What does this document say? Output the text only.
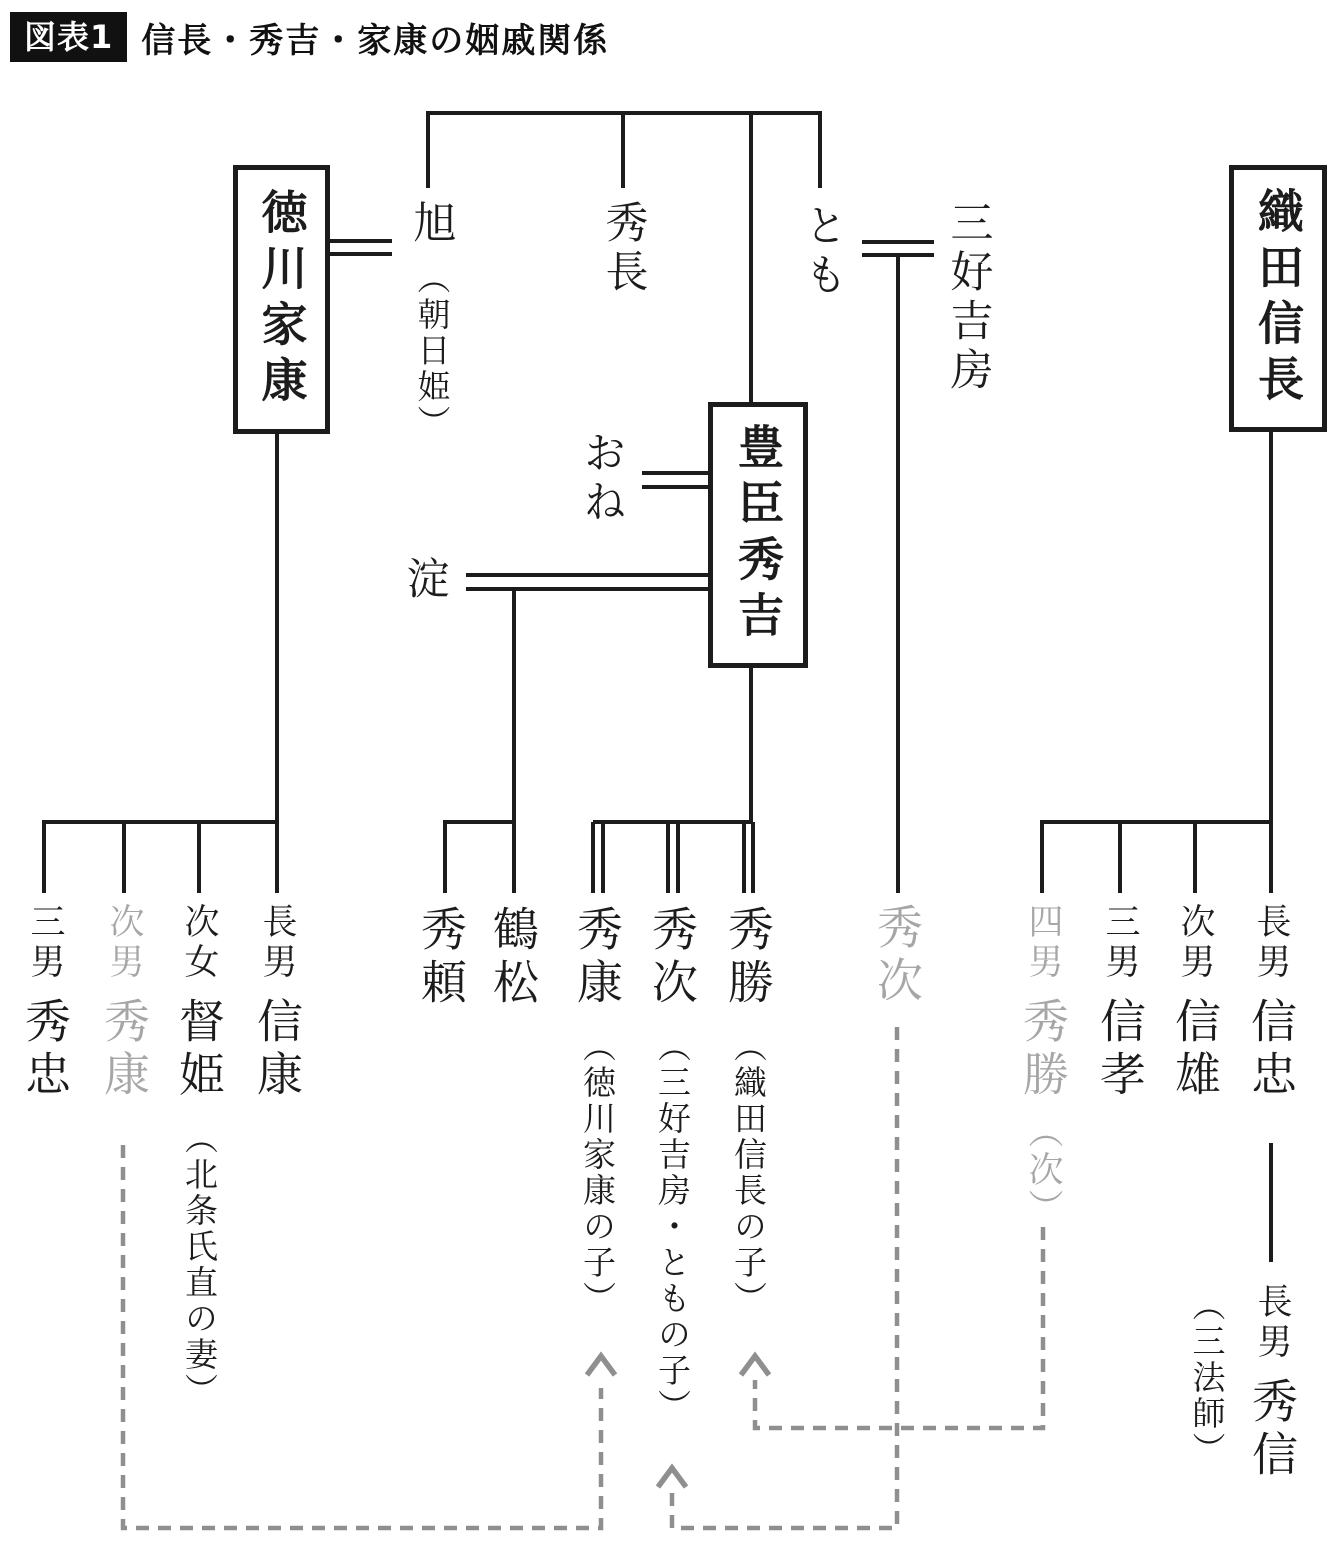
図表1 信長・秀吉・家康の姻戚関係
徳川家康
豊臣秀吉
織田信長
旭（朝日姫）
秀長	とも 三好吉房
おね
淀
三男秀忠
次男秀康
次女督姫（北条氏直の妻）
長男信康
秀頼 鶴松 秀康（徳川家康の子）
秀次（三好吉房・ともの子）
秀勝（織田信長の子）
秀次	四男秀勝（次）
三男信孝
次男信雄
長男信忠
長男秀信
（三法師）
